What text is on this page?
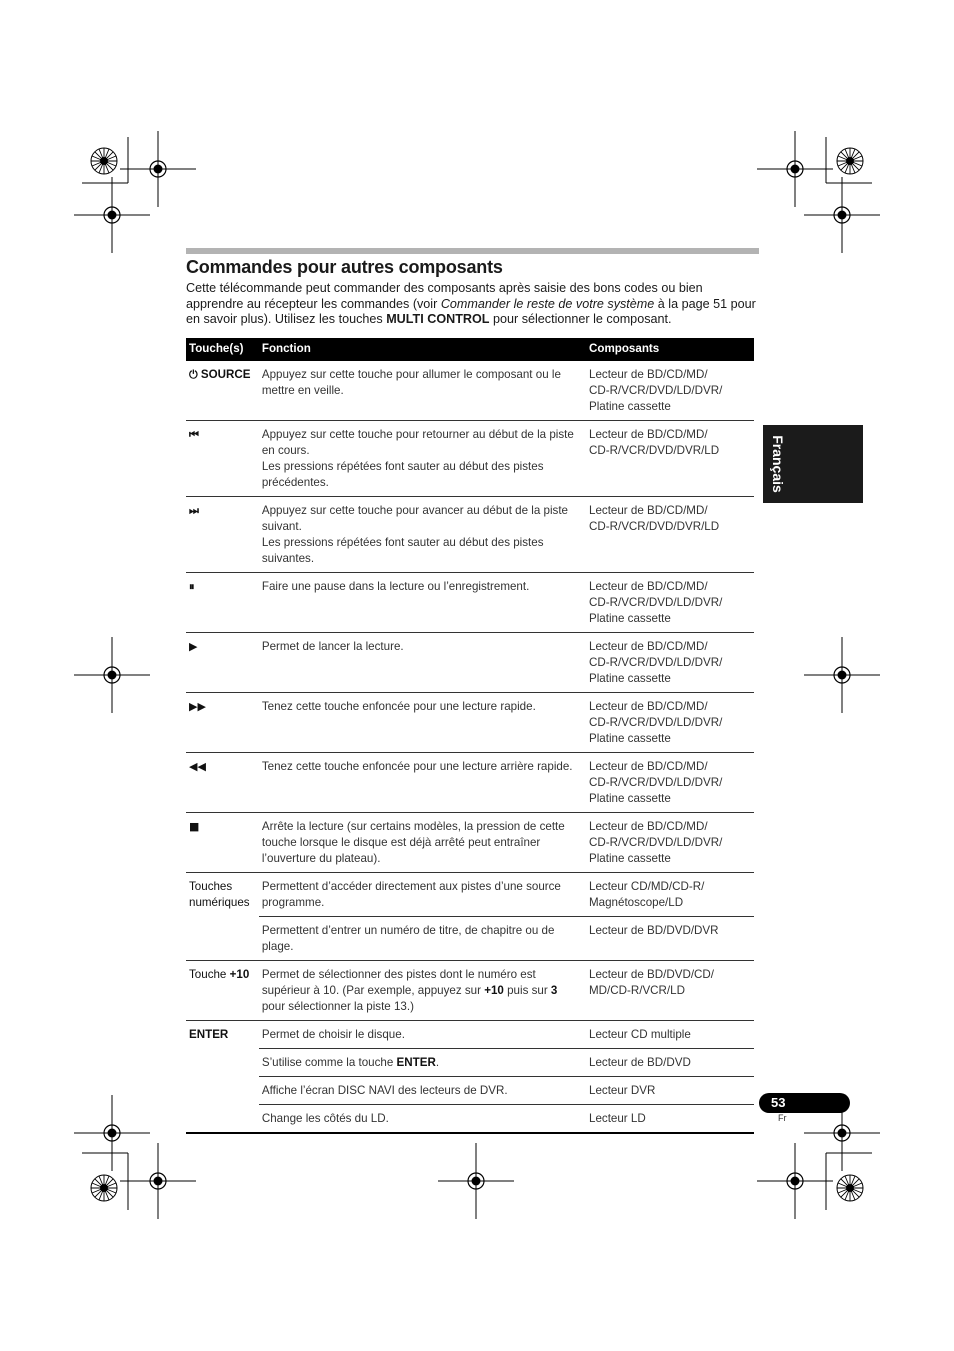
Commandes pour autres composants
Cette télécommande peut commander des composants après saisie des bons codes ou bien apprendre au récepteur les commandes (voir Commander le reste de votre système à la page 51 pour en savoir plus). Utilisez les touches MULTI CONTROL pour sélectionner le composant.
Touche(s)	Fonction	Composants
⏻ SOURCE	Appuyez sur cette touche pour allumer le composant ou le mettre en veille.	Lecteur de BD/CD/MD/
CD-R/VCR/DVD/LD/DVR/
Platine cassette
⏮	Appuyez sur cette touche pour retourner au début de la piste en cours.
Les pressions répétées font sauter au début des pistes précédentes.	Lecteur de BD/CD/MD/
CD-R/VCR/DVD/DVR/LD
⏭	Appuyez sur cette touche pour avancer au début de la piste suivant.
Les pressions répétées font sauter au début des pistes suivantes.	Lecteur de BD/CD/MD/
CD-R/VCR/DVD/DVR/LD
⏸	Faire une pause dans la lecture ou l’enregistrement.	Lecteur de BD/CD/MD/
CD-R/VCR/DVD/LD/DVR/
Platine cassette
▶	Permet de lancer la lecture.	Lecteur de BD/CD/MD/
CD-R/VCR/DVD/LD/DVR/
Platine cassette
▶▶	Tenez cette touche enfoncée pour une lecture rapide.	Lecteur de BD/CD/MD/
CD-R/VCR/DVD/LD/DVR/
Platine cassette
◀◀	Tenez cette touche enfoncée pour une lecture arrière rapide.	Lecteur de BD/CD/MD/
CD-R/VCR/DVD/LD/DVR/
Platine cassette
■	Arrête la lecture (sur certains modèles, la pression de cette touche lorsque le disque est déjà arrêté peut entraîner l’ouverture du plateau).	Lecteur de BD/CD/MD/
CD-R/VCR/DVD/LD/DVR/
Platine cassette
Touches numériques	Permettent d’accéder directement aux pistes d’une source programme.	Lecteur CD/MD/CD-R/
Magnétoscope/LD
	Permettent d’entrer un numéro de titre, de chapitre ou de plage.	Lecteur de BD/DVD/DVR
Touche +10	Permet de sélectionner des pistes dont le numéro est supérieur à 10. (Par exemple, appuyez sur +10 puis sur 3 pour sélectionner la piste 13.)	Lecteur de BD/DVD/CD/
MD/CD-R/VCR/LD
ENTER	Permet de choisir le disque.	Lecteur CD multiple
	S’utilise comme la touche ENTER.	Lecteur de BD/DVD
	Affiche l’écran DISC NAVI des lecteurs de DVR.	Lecteur DVR
	Change les côtés du LD.	Lecteur LD
Français
53
Fr
